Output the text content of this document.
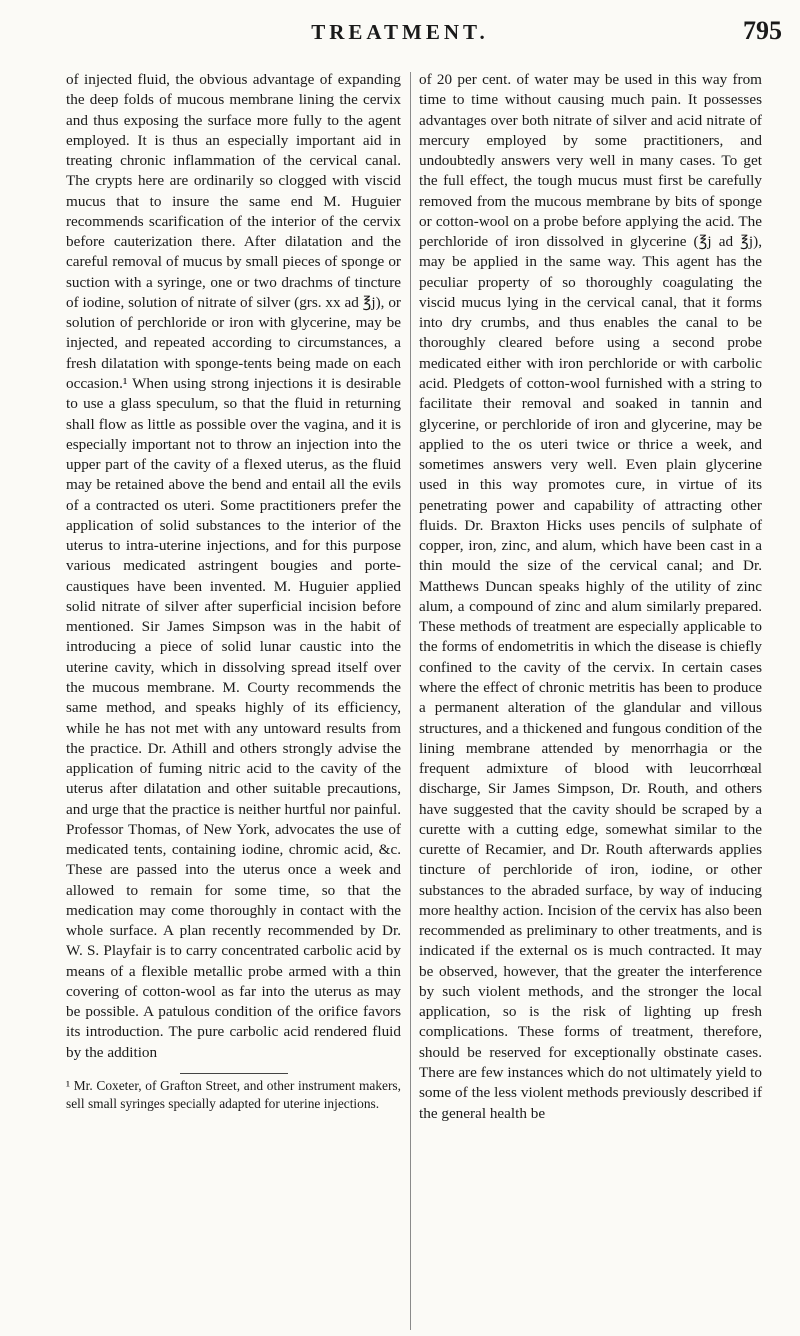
TREATMENT.	795

of injected fluid, the obvious advantage of expanding the deep folds of mucous membrane lining the cervix and thus exposing the surface more fully to the agent employed. It is thus an especially important aid in treating chronic inflammation of the cervical canal. The crypts here are ordinarily so clogged with viscid mucus that to insure the same end M. Huguier recommends scarification of the interior of the cervix before cauterization there. After dilatation and the careful removal of mucus by small pieces of sponge or suction with a syringe, one or two drachms of tincture of iodine, solution of nitrate of silver (grs. xx ad ℥j), or solution of perchloride or iron with glycerine, may be injected, and repeated according to circumstances, a fresh dilatation with sponge-tents being made on each occasion.¹ When using strong injections it is desirable to use a glass speculum, so that the fluid in returning shall flow as little as possible over the vagina, and it is especially important not to throw an injection into the upper part of the cavity of a flexed uterus, as the fluid may be retained above the bend and entail all the evils of a contracted os uteri. Some practitioners prefer the application of solid substances to the interior of the uterus to intra-uterine injections, and for this purpose various medicated astringent bougies and porte-caustiques have been invented. M. Huguier applied solid nitrate of silver after superficial incision before mentioned. Sir James Simpson was in the habit of introducing a piece of solid lunar caustic into the uterine cavity, which in dissolving spread itself over the mucous membrane. M. Courty recommends the same method, and speaks highly of its efficiency, while he has not met with any untoward results from the practice. Dr. Athill and others strongly advise the application of fuming nitric acid to the cavity of the uterus after dilatation and other suitable precautions, and urge that the practice is neither hurtful nor painful. Professor Thomas, of New York, advocates the use of medicated tents, containing iodine, chromic acid, &c. These are passed into the uterus once a week and allowed to remain for some time, so that the medication may come thoroughly in contact with the whole surface. A plan recently recommended by Dr. W. S. Playfair is to carry concentrated carbolic acid by means of a flexible metallic probe armed with a thin covering of cotton-wool as far into the uterus as may be possible. A patulous condition of the orifice favors its introduction. The pure carbolic acid rendered fluid by the addition

¹ Mr. Coxeter, of Grafton Street, and other instrument makers, sell small syringes specially adapted for uterine injections.

of 20 per cent. of water may be used in this way from time to time without causing much pain. It possesses advantages over both nitrate of silver and acid nitrate of mercury employed by some practitioners, and undoubtedly answers very well in many cases. To get the full effect, the tough mucus must first be carefully removed from the mucous membrane by bits of sponge or cotton-wool on a probe before applying the acid. The perchloride of iron dissolved in glycerine (℥j ad ℥j), may be applied in the same way. This agent has the peculiar property of so thoroughly coagulating the viscid mucus lying in the cervical canal, that it forms into dry crumbs, and thus enables the canal to be thoroughly cleared before using a second probe medicated either with iron perchloride or with carbolic acid. Pledgets of cotton-wool furnished with a string to facilitate their removal and soaked in tannin and glycerine, or perchloride of iron and glycerine, may be applied to the os uteri twice or thrice a week, and sometimes answers very well. Even plain glycerine used in this way promotes cure, in virtue of its penetrating power and capability of attracting other fluids. Dr. Braxton Hicks uses pencils of sulphate of copper, iron, zinc, and alum, which have been cast in a thin mould the size of the cervical canal; and Dr. Matthews Duncan speaks highly of the utility of zinc alum, a compound of zinc and alum similarly prepared. These methods of treatment are especially applicable to the forms of endometritis in which the disease is chiefly confined to the cavity of the cervix. In certain cases where the effect of chronic metritis has been to produce a permanent alteration of the glandular and villous structures, and a thickened and fungous condition of the lining membrane attended by menorrhagia or the frequent admixture of blood with leucorrhœal discharge, Sir James Simpson, Dr. Routh, and others have suggested that the cavity should be scraped by a curette with a cutting edge, somewhat similar to the curette of Recamier, and Dr. Routh afterwards applies tincture of perchloride of iron, iodine, or other substances to the abraded surface, by way of inducing more healthy action. Incision of the cervix has also been recommended as preliminary to other treatments, and is indicated if the external os is much contracted. It may be observed, however, that the greater the interference by such violent methods, and the stronger the local application, so is the risk of lighting up fresh complications. These forms of treatment, therefore, should be reserved for exceptionally obstinate cases. There are few instances which do not ultimately yield to some of the less violent methods previously described if the general health be
